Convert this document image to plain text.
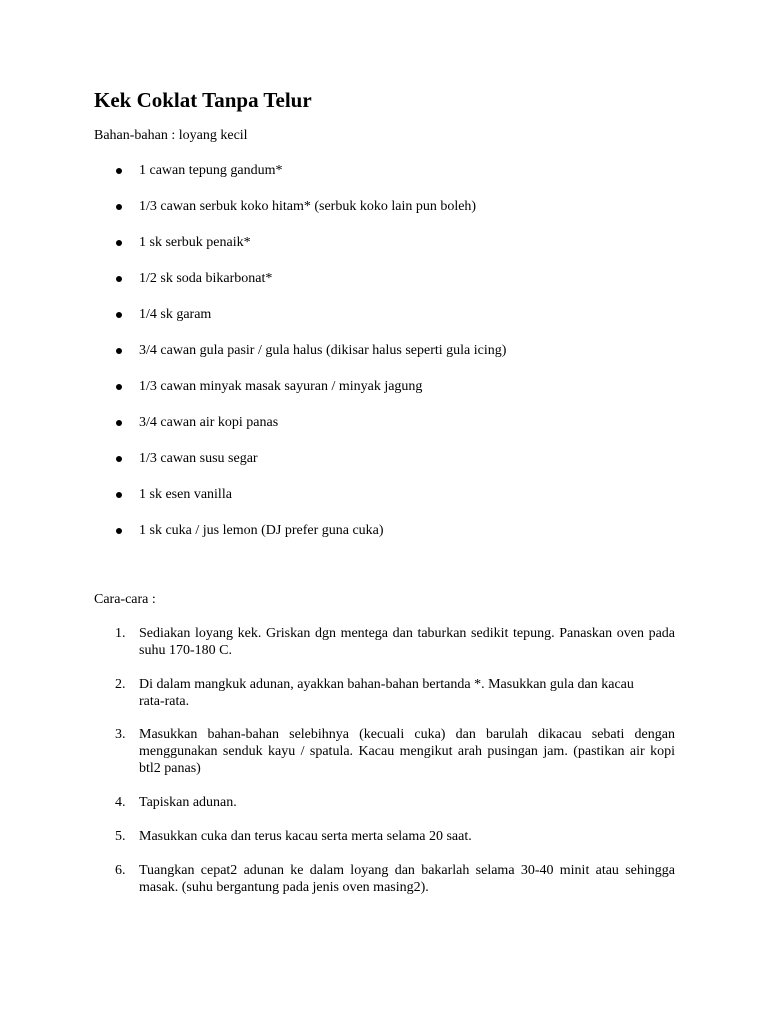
Kek Coklat Tanpa Telur
Bahan-bahan : loyang kecil
1 cawan tepung gandum*
1/3 cawan serbuk koko hitam* (serbuk koko lain pun boleh)
1 sk serbuk penaik*
1/2 sk soda bikarbonat*
1/4 sk garam
3/4 cawan gula pasir / gula halus (dikisar halus seperti gula icing)
1/3 cawan minyak masak sayuran / minyak jagung
3/4 cawan air kopi panas
1/3 cawan susu segar
1 sk esen vanilla
1 sk cuka / jus lemon (DJ prefer guna cuka)
Cara-cara :
1. Sediakan loyang kek. Griskan dgn mentega dan taburkan sedikit tepung. Panaskan oven pada suhu 170-180 C.
2. Di dalam mangkuk adunan, ayakkan bahan-bahan bertanda *. Masukkan gula dan kacau rata-rata.
3. Masukkan bahan-bahan selebihnya (kecuali cuka) dan barulah dikacau sebati dengan menggunakan senduk kayu / spatula. Kacau mengikut arah pusingan jam. (pastikan air kopi btl2 panas)
4. Tapiskan adunan.
5. Masukkan cuka dan terus kacau serta merta selama 20 saat.
6. Tuangkan cepat2 adunan ke dalam loyang dan bakarlah selama 30-40 minit atau sehingga masak. (suhu bergantung pada jenis oven masing2).
